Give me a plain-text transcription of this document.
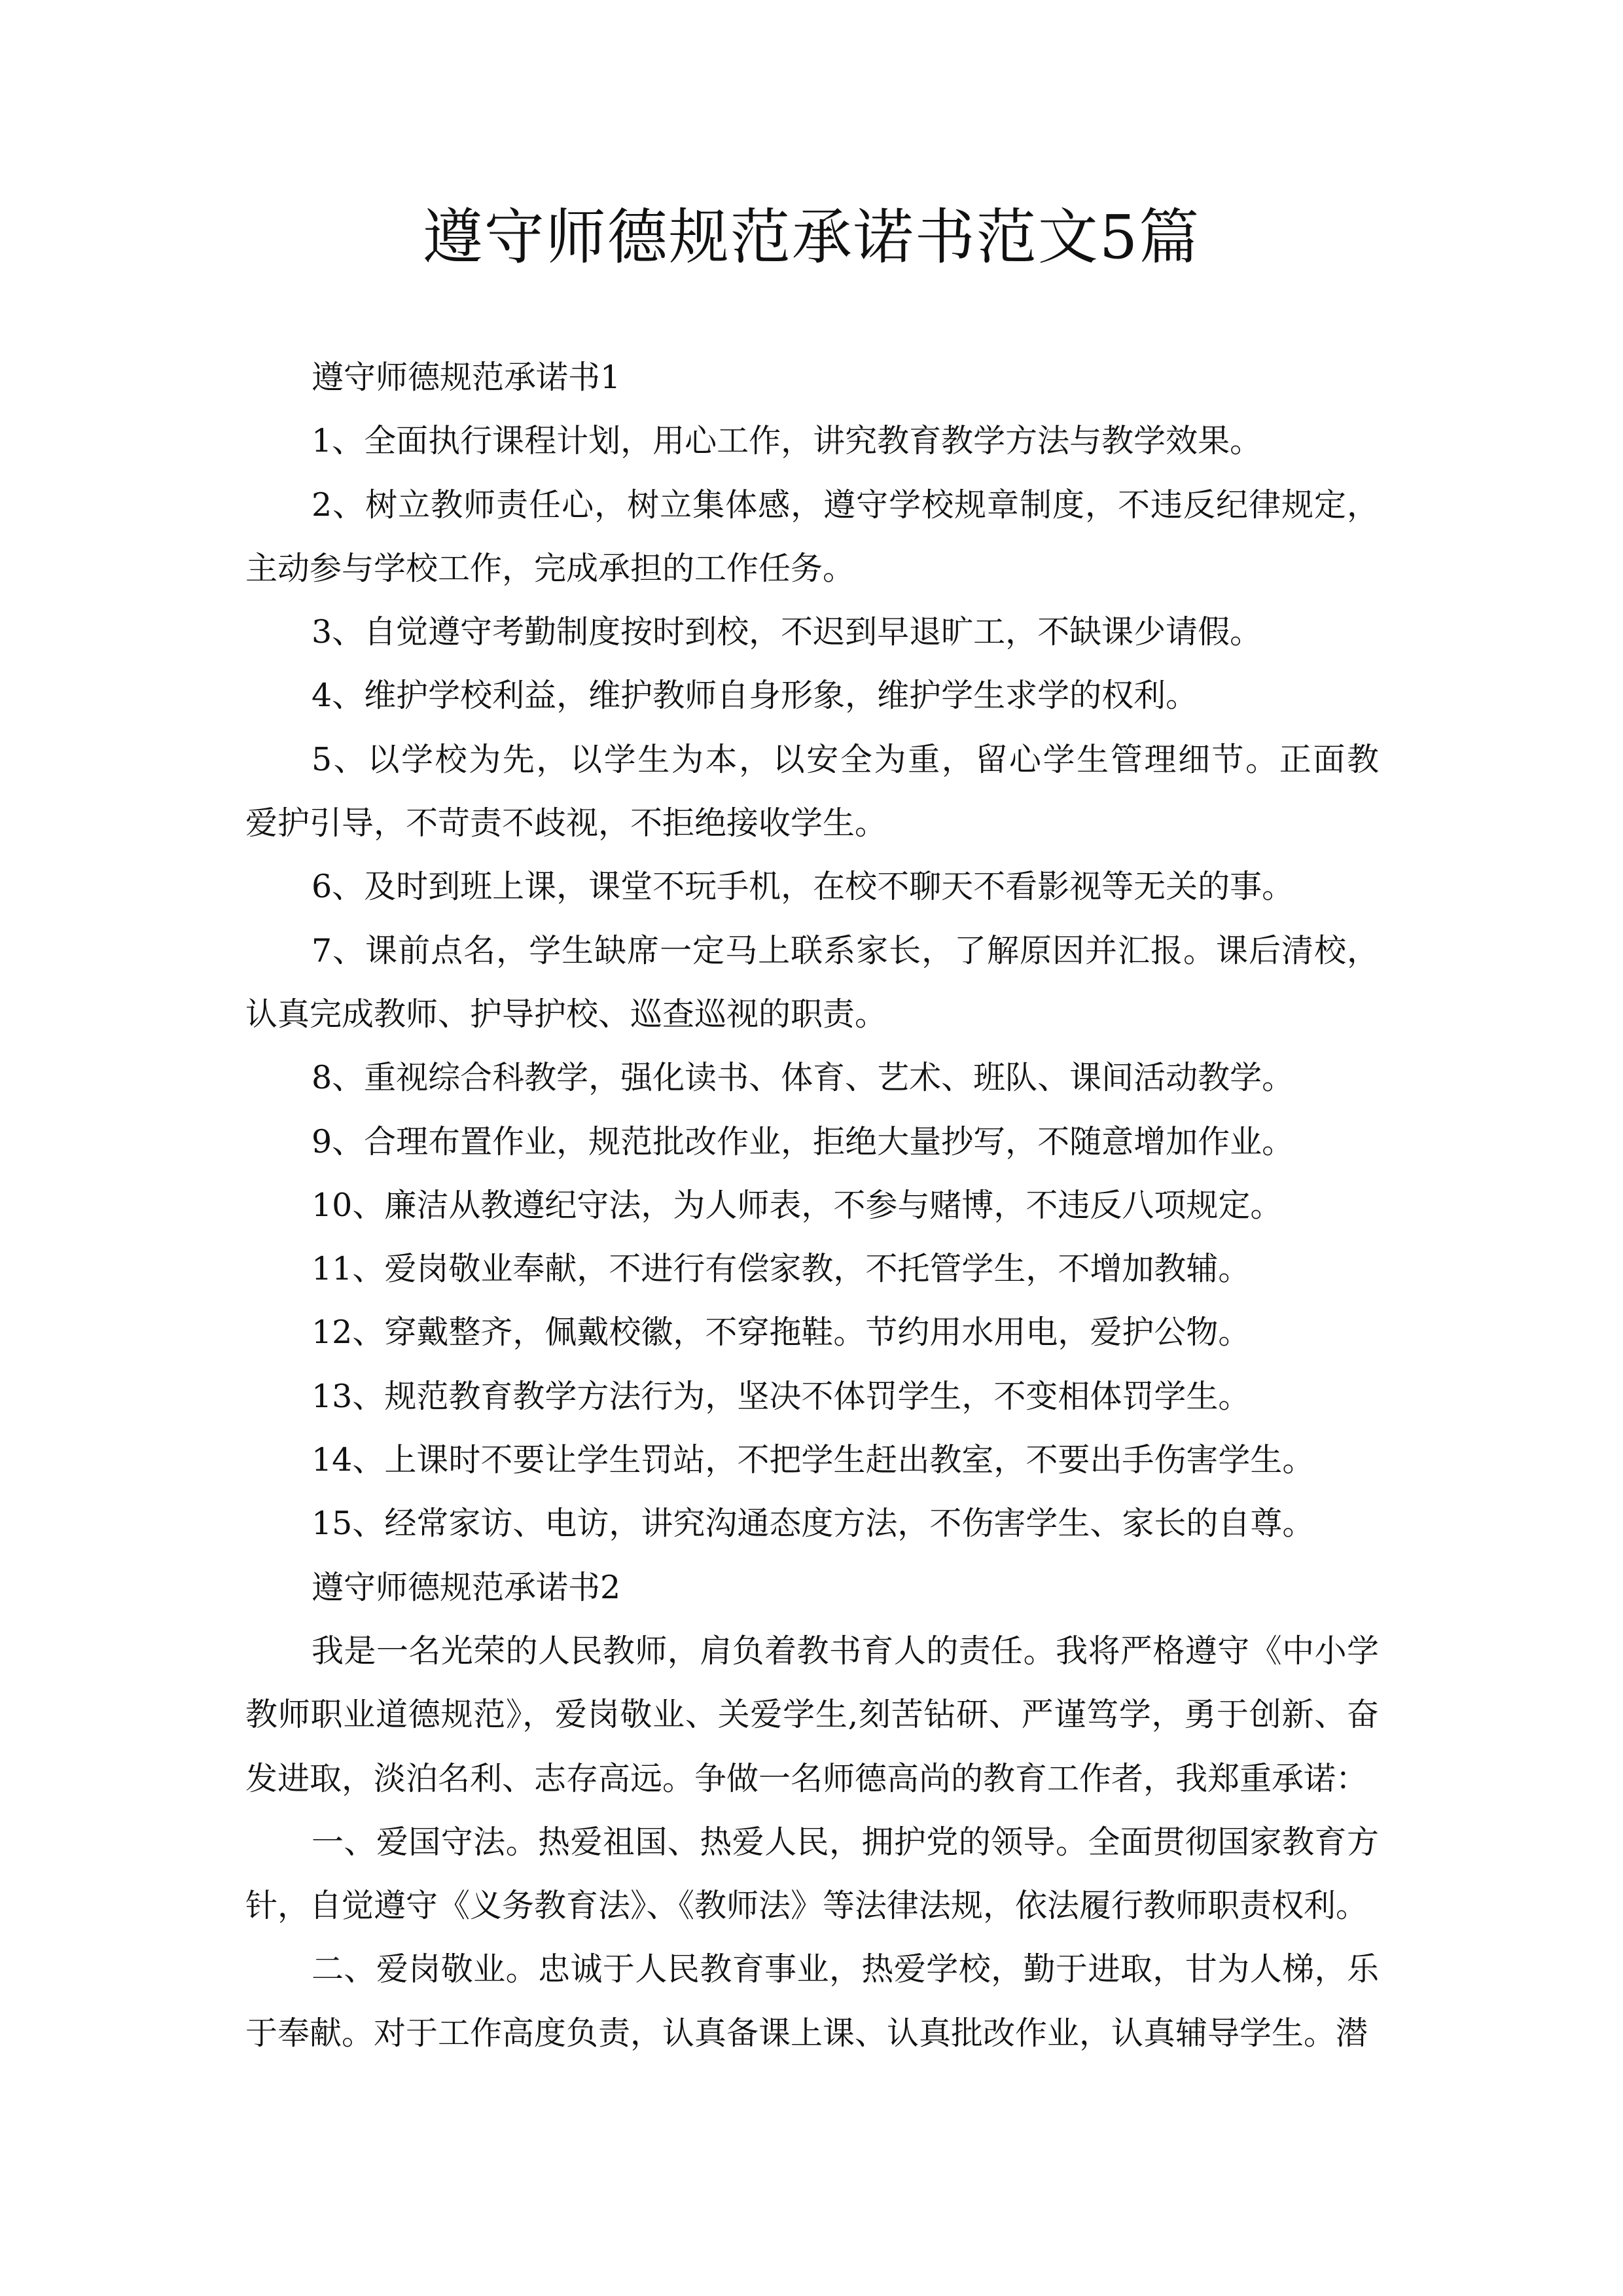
遵守师德规范承诺书范文5篇
遵守师德规范承诺书1
1、全面执行课程计划，用心工作，讲究教育教学方法与教学效果。
2、树立教师责任心，树立集体感，遵守学校规章制度，不违反纪律规定，
主动参与学校工作，完成承担的工作任务。
3、自觉遵守考勤制度按时到校，不迟到早退旷工，不缺课少请假。
4、维护学校利益，维护教师自身形象，维护学生求学的权利。
5、以学校为先，以学生为本，以安全为重，留心学生管理细节。正面教
爱护引导，不苛责不歧视，不拒绝接收学生。
6、及时到班上课，课堂不玩手机，在校不聊天不看影视等无关的事。
7、课前点名，学生缺席一定马上联系家长，了解原因并汇报。课后清校，
认真完成教师、护导护校、巡查巡视的职责。
8、重视综合科教学，强化读书、体育、艺术、班队、课间活动教学。
9、合理布置作业，规范批改作业，拒绝大量抄写，不随意增加作业。
10、廉洁从教遵纪守法，为人师表，不参与赌博，不违反八项规定。
11、爱岗敬业奉献，不进行有偿家教，不托管学生，不增加教辅。
12、穿戴整齐，佩戴校徽，不穿拖鞋。节约用水用电，爱护公物。
13、规范教育教学方法行为，坚决不体罚学生，不变相体罚学生。
14、上课时不要让学生罚站，不把学生赶出教室，不要出手伤害学生。
15、经常家访、电访，讲究沟通态度方法，不伤害学生、家长的自尊。
遵守师德规范承诺书2
我是一名光荣的人民教师，肩负着教书育人的责任。我将严格遵守《中小学
教师职业道德规范》，爱岗敬业、关爱学生,刻苦钻研、严谨笃学，勇于创新、奋
发进取，淡泊名利、志存高远。争做一名师德高尚的教育工作者，我郑重承诺：
一、爱国守法。热爱祖国、热爱人民，拥护党的领导。全面贯彻国家教育方
针，自觉遵守《义务教育法》、《教师法》等法律法规，依法履行教师职责权利。
二、爱岗敬业。忠诚于人民教育事业，热爱学校，勤于进取，甘为人梯，乐
于奉献。对于工作高度负责，认真备课上课、认真批改作业，认真辅导学生。潜
